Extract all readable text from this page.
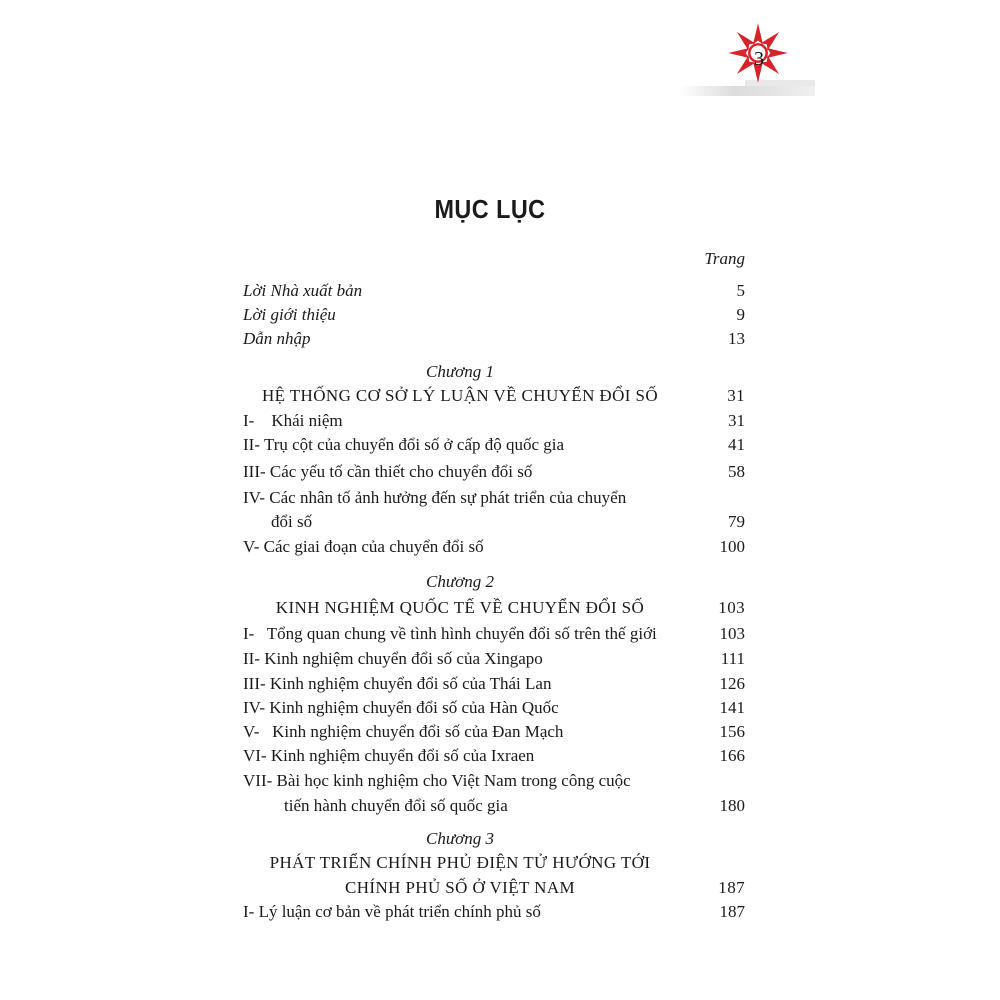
3
MỤC LỤC
Trang
Lời Nhà xuất bản	5
Lời giới thiệu	9
Dẫn nhập	13
Chương 1
HỆ THỐNG CƠ SỞ LÝ LUẬN VỀ CHUYỂN ĐỔI SỐ	31
I- Khái niệm	31
II- Trụ cột của chuyển đổi số ở cấp độ quốc gia	41
III- Các yếu tố cần thiết cho chuyển đổi số	58
IV- Các nhân tố ảnh hưởng đến sự phát triển của chuyển
đổi số	79
V- Các giai đoạn của chuyển đổi số	100
Chương 2
KINH NGHIỆM QUỐC TẾ VỀ CHUYỂN ĐỔI SỐ	103
I- Tổng quan chung về tình hình chuyển đổi số trên thế giới	103
II- Kinh nghiệm chuyển đổi số của Xingapo	111
III- Kinh nghiệm chuyển đổi số của Thái Lan	126
IV- Kinh nghiệm chuyển đổi số của Hàn Quốc	141
V- Kinh nghiệm chuyển đổi số của Đan Mạch	156
VI- Kinh nghiệm chuyển đổi số của Ixraen	166
VII- Bài học kinh nghiệm cho Việt Nam trong công cuộc
tiến hành chuyển đổi số quốc gia	180
Chương 3
PHÁT TRIỂN CHÍNH PHỦ ĐIỆN TỬ HƯỚNG TỚI
CHÍNH PHỦ SỐ Ở VIỆT NAM	187
I- Lý luận cơ bản về phát triển chính phủ số	187
